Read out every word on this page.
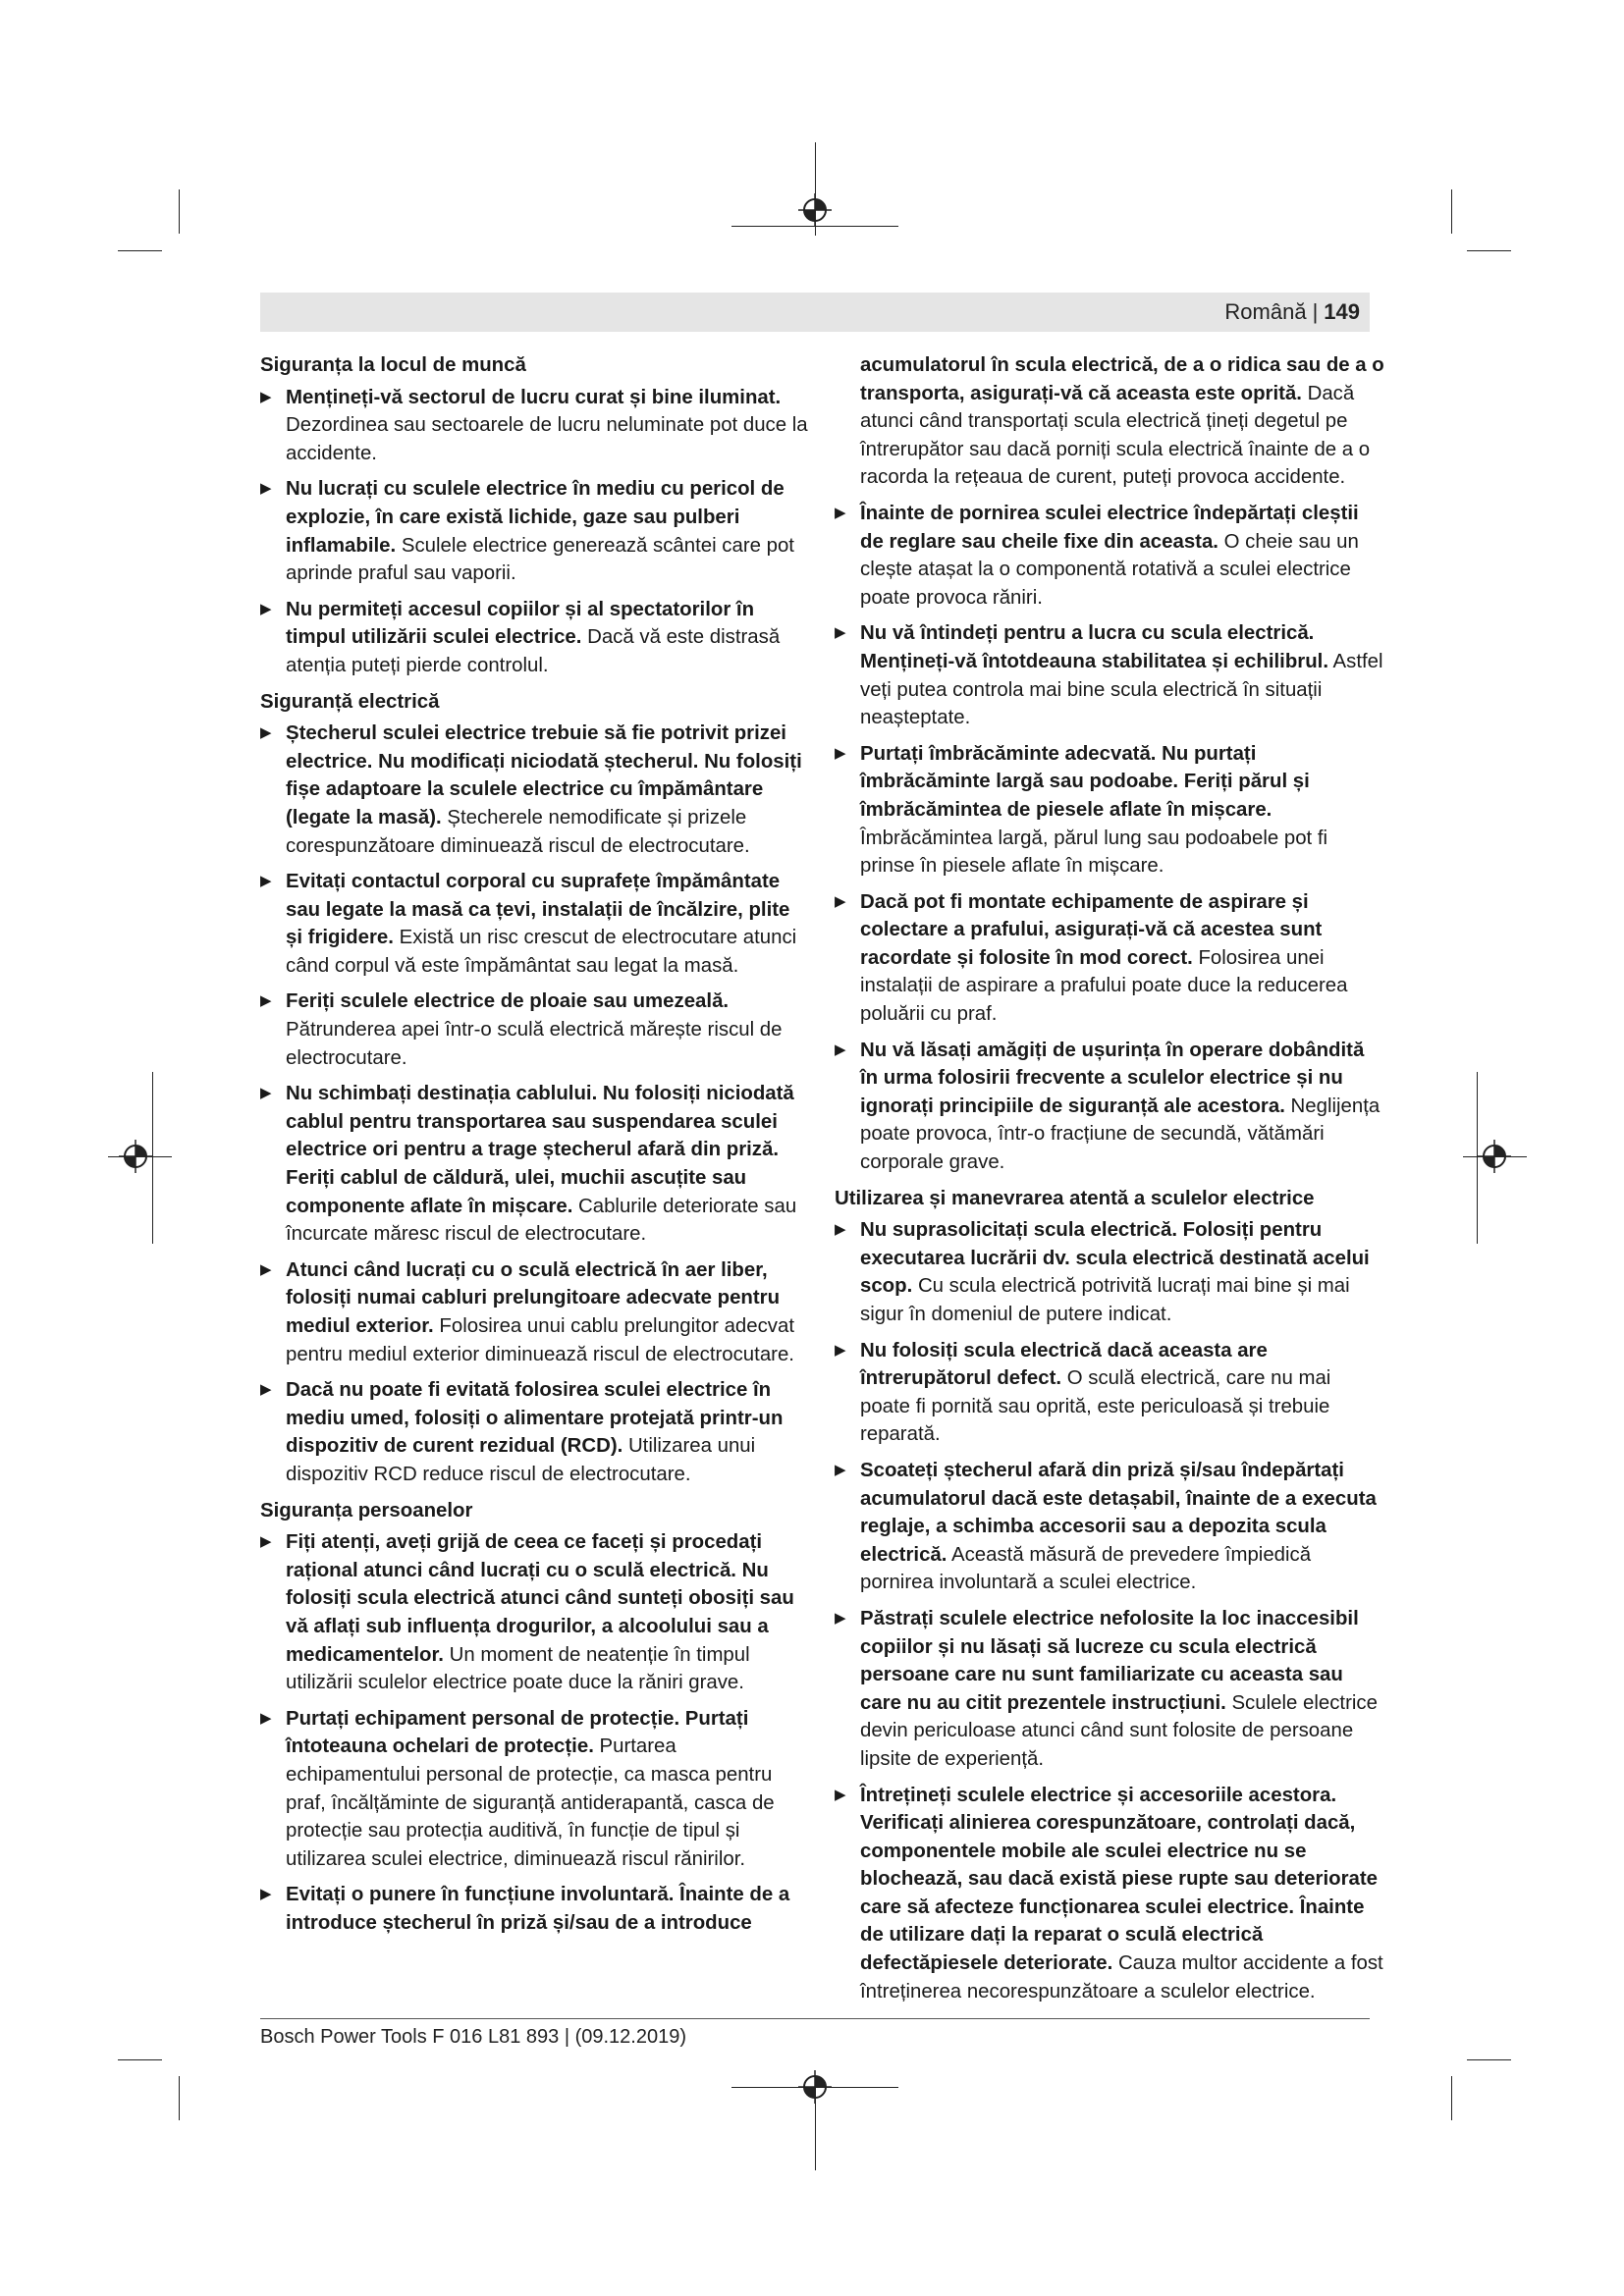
Română | 149
Siguranța la locul de muncă
▶ Mențineți-vă sectorul de lucru curat și bine iluminat. Dezordinea sau sectoarele de lucru neluminate pot duce la accidente.
▶ Nu lucrați cu sculele electrice în mediu cu pericol de explozie, în care există lichide, gaze sau pulberi inflamabile. Sculele electrice generează scântei care pot aprinde praful sau vaporii.
▶ Nu permiteți accesul copiilor și al spectatorilor în timpul utilizării sculei electrice. Dacă vă este distrasă atenția puteți pierde controlul.
Siguranță electrică
▶ Ștecherul sculei electrice trebuie să fie potrivit prizei electrice. Nu modificați niciodată ștecherul. Nu folosiți fișe adaptoare la sculele electrice cu împământare (legate la masă). Ștecherele nemodificate și prizele corespunzătoare diminuează riscul de electrocutare.
▶ Evitați contactul corporal cu suprafețe împământate sau legate la masă ca țevi, instalații de încălzire, plite și frigidere. Există un risc crescut de electrocutare atunci când corpul vă este împământat sau legat la masă.
▶ Feriți sculele electrice de ploaie sau umezeală. Pătrunderea apei într-o sculă electrică mărește riscul de electrocutare.
▶ Nu schimbați destinația cablului. Nu folosiți niciodată cablul pentru transportarea sau suspendarea sculei electrice ori pentru a trage ștecherul afară din priză. Feriți cablul de căldură, ulei, muchii ascuțite sau componente aflate în mișcare. Cablurile deteriorate sau încurcate măresc riscul de electrocutare.
▶ Atunci când lucrați cu o sculă electrică în aer liber, folosiți numai cabluri prelungitoare adecvate pentru mediul exterior. Folosirea unui cablu prelungitor adecvat pentru mediul exterior diminuează riscul de electrocutare.
▶ Dacă nu poate fi evitată folosirea sculei electrice în mediu umed, folosiți o alimentare protejată printr-un dispozitiv de curent rezidual (RCD). Utilizarea unui dispozitiv RCD reduce riscul de electrocutare.
Siguranța persoanelor
▶ Fiți atenți, aveți grijă de ceea ce faceți și procedați rațional atunci când lucrați cu o sculă electrică. Nu folosiți scula electrică atunci când sunteți obosiți sau vă aflați sub influența drogurilor, a alcoolului sau a medicamentelor. Un moment de neatenție în timpul utilizării sculelor electrice poate duce la răniri grave.
▶ Purtați echipament personal de protecție. Purtați întoteauna ochelari de protecție. Purtarea echipamentului personal de protecție, ca masca pentru praf, încălțăminte de siguranță antiderapantă, casca de protecție sau protecția auditivă, în funcție de tipul și utilizarea sculei electrice, diminuează riscul rănirilor.
▶ Evitați o punere în funcțiune involuntară. Înainte de a introduce ștecherul în priză și/sau de a introduce
acumulatorul în scula electrică, de a o ridica sau de a o transporta, asigurați-vă că aceasta este oprită. Dacă atunci când transportați scula electrică țineți degetul pe întrerupător sau dacă porniți scula electrică înainte de a o racorda la rețeaua de curent, puteți provoca accidente.
▶ Înainte de pornirea sculei electrice îndepărtați cleștii de reglare sau cheile fixe din aceasta. O cheie sau un clește atașat la o componentă rotativă a sculei electrice poate provoca răniri.
▶ Nu vă întindeți pentru a lucra cu scula electrică. Mențineți-vă întotdeauna stabilitatea și echilibrul. Astfel veți putea controla mai bine scula electrică în situații neașteptate.
▶ Purtați îmbrăcăminte adecvată. Nu purtați îmbrăcăminte largă sau podoabe. Feriți părul și îmbrăcămintea de piesele aflate în mișcare. Îmbrăcămintea largă, părul lung sau podoabele pot fi prinse în piesele aflate în mișcare.
▶ Dacă pot fi montate echipamente de aspirare și colectare a prafului, asigurați-vă că acestea sunt racordate și folosite în mod corect. Folosirea unei instalații de aspirare a prafului poate duce la reducerea poluării cu praf.
▶ Nu vă lăsați amăgiți de ușurința în operare dobândită în urma folosirii frecvente a sculelor electrice și nu ignorați principiile de siguranță ale acestora. Neglijența poate provoca, într-o fracțiune de secundă, vătămări corporale grave.
Utilizarea și manevrarea atentă a sculelor electrice
▶ Nu suprasolicitați scula electrică. Folosiți pentru executarea lucrării dv. scula electrică destinată acelui scop. Cu scula electrică potrivită lucrați mai bine și mai sigur în domeniul de putere indicat.
▶ Nu folosiți scula electrică dacă aceasta are întrerupătorul defect. O sculă electrică, care nu mai poate fi pornită sau oprită, este periculoasă și trebuie reparată.
▶ Scoateți ștecherul afară din priză și/sau îndepărtați acumulatorul dacă este detașabil, înainte de a executa reglaje, a schimba accesorii sau a depozita scula electrică. Această măsură de prevedere împiedică pornirea involuntară a sculei electrice.
▶ Păstrați sculele electrice nefolosite la loc inaccesibil copiilor și nu lăsați să lucreze cu scula electrică persoane care nu sunt familiarizate cu aceasta sau care nu au citit prezentele instrucțiuni. Sculele electrice devin periculoase atunci când sunt folosite de persoane lipsite de experiență.
▶ Întrețineți sculele electrice și accesoriile acestora. Verificați alinierea corespunzătoare, controlați dacă, componentele mobile ale sculei electrice nu se blochează, sau dacă există piese rupte sau deteriorate care să afecteze funcționarea sculei electrice. Înainte de utilizare dați la reparat o sculă electrică defectăpiesele deteriorate. Cauza multor accidente a fost întreținerea necorespunzătoare a sculelor electrice.
Bosch Power Tools F 016 L81 893 | (09.12.2019)
